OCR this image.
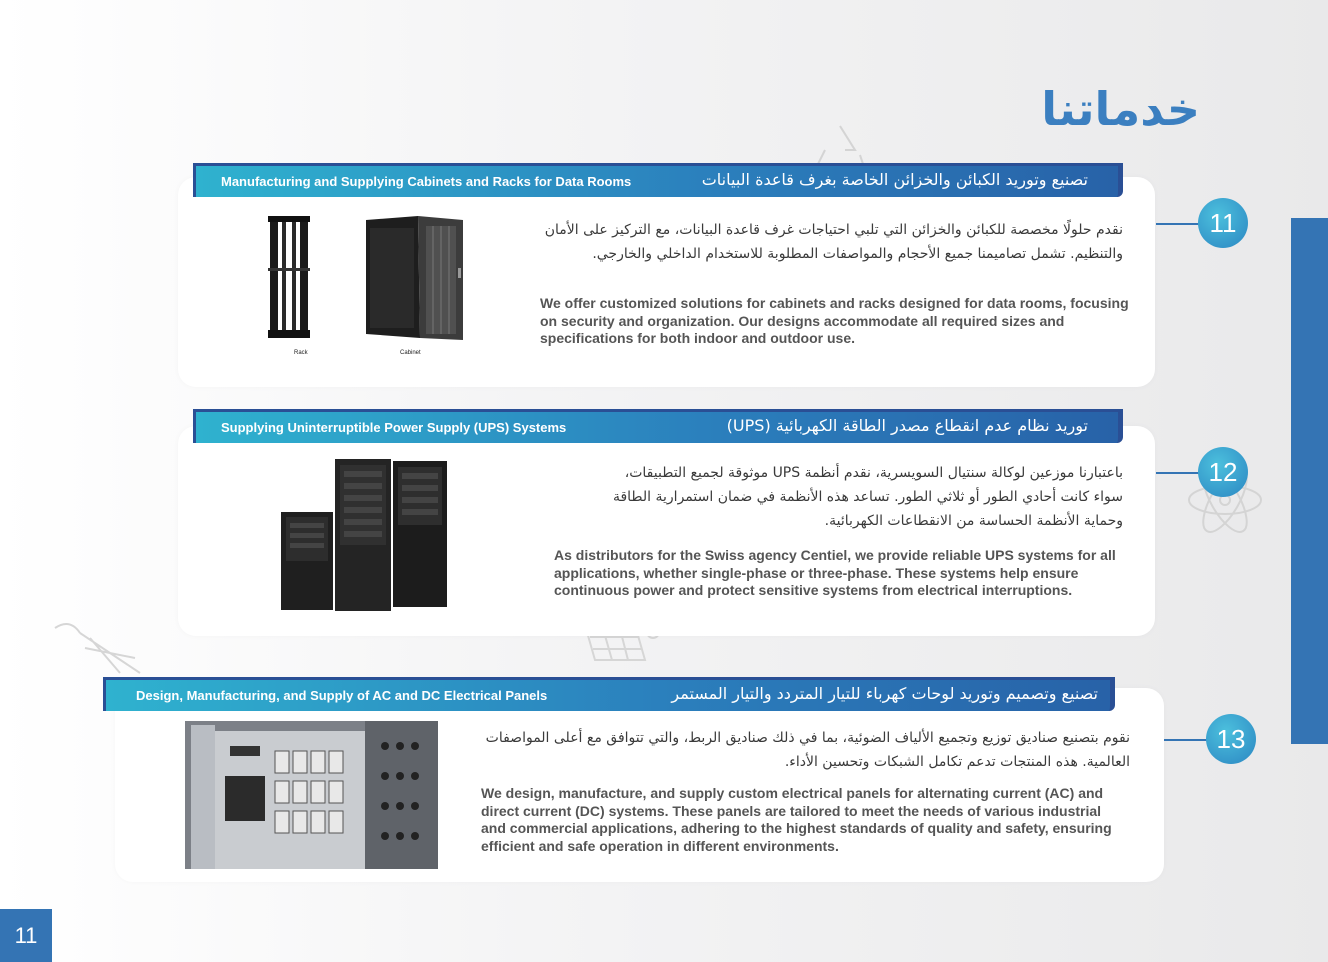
خدماتنا
Manufacturing and Supplying Cabinets and Racks for Data Rooms	تصنيع وتوريد الكبائن والخزائن الخاصة بغرف قاعدة البيانات
Rack	Cabinet
نقدم حلولًا مخصصة للكبائن والخزائن التي تلبي احتياجات غرف قاعدة البيانات، مع التركيز على الأمان والتنظيم. تشمل تصاميمنا جميع الأحجام والمواصفات المطلوبة للاستخدام الداخلي والخارجي.
We offer customized solutions for cabinets and racks designed for data rooms, focusing on security and organization. Our designs accommodate all required sizes and specifications for both indoor and outdoor use.
11
Supplying Uninterruptible Power Supply (UPS) Systems	توريد نظام عدم انقطاع مصدر الطاقة الكهربائية (UPS)
باعتبارنا موزعين لوكالة سنتيال السويسرية، نقدم أنظمة UPS موثوقة لجميع التطبيقات، سواء كانت أحادي الطور أو ثلاثي الطور. تساعد هذه الأنظمة في ضمان استمرارية الطاقة وحماية الأنظمة الحساسة من الانقطاعات الكهربائية.
As distributors for the Swiss agency Centiel, we provide reliable UPS systems for all applications, whether single-phase or three-phase. These systems help ensure continuous power and protect sensitive systems from electrical interruptions.
12
Design, Manufacturing, and Supply of AC and DC Electrical Panels	تصنيع وتصميم وتوريد لوحات كهرباء للتيار المتردد والتيار المستمر
نقوم بتصنيع صناديق توزيع وتجميع الألياف الضوئية، بما في ذلك صناديق الربط، والتي تتوافق مع أعلى المواصفات العالمية. هذه المنتجات تدعم تكامل الشبكات وتحسين الأداء.
We design, manufacture, and supply custom electrical panels for alternating current (AC) and direct current (DC) systems. These panels are tailored to meet the needs of various industrial and commercial applications, adhering to the highest standards of quality and safety, ensuring efficient and safe operation in different environments.
13
11
